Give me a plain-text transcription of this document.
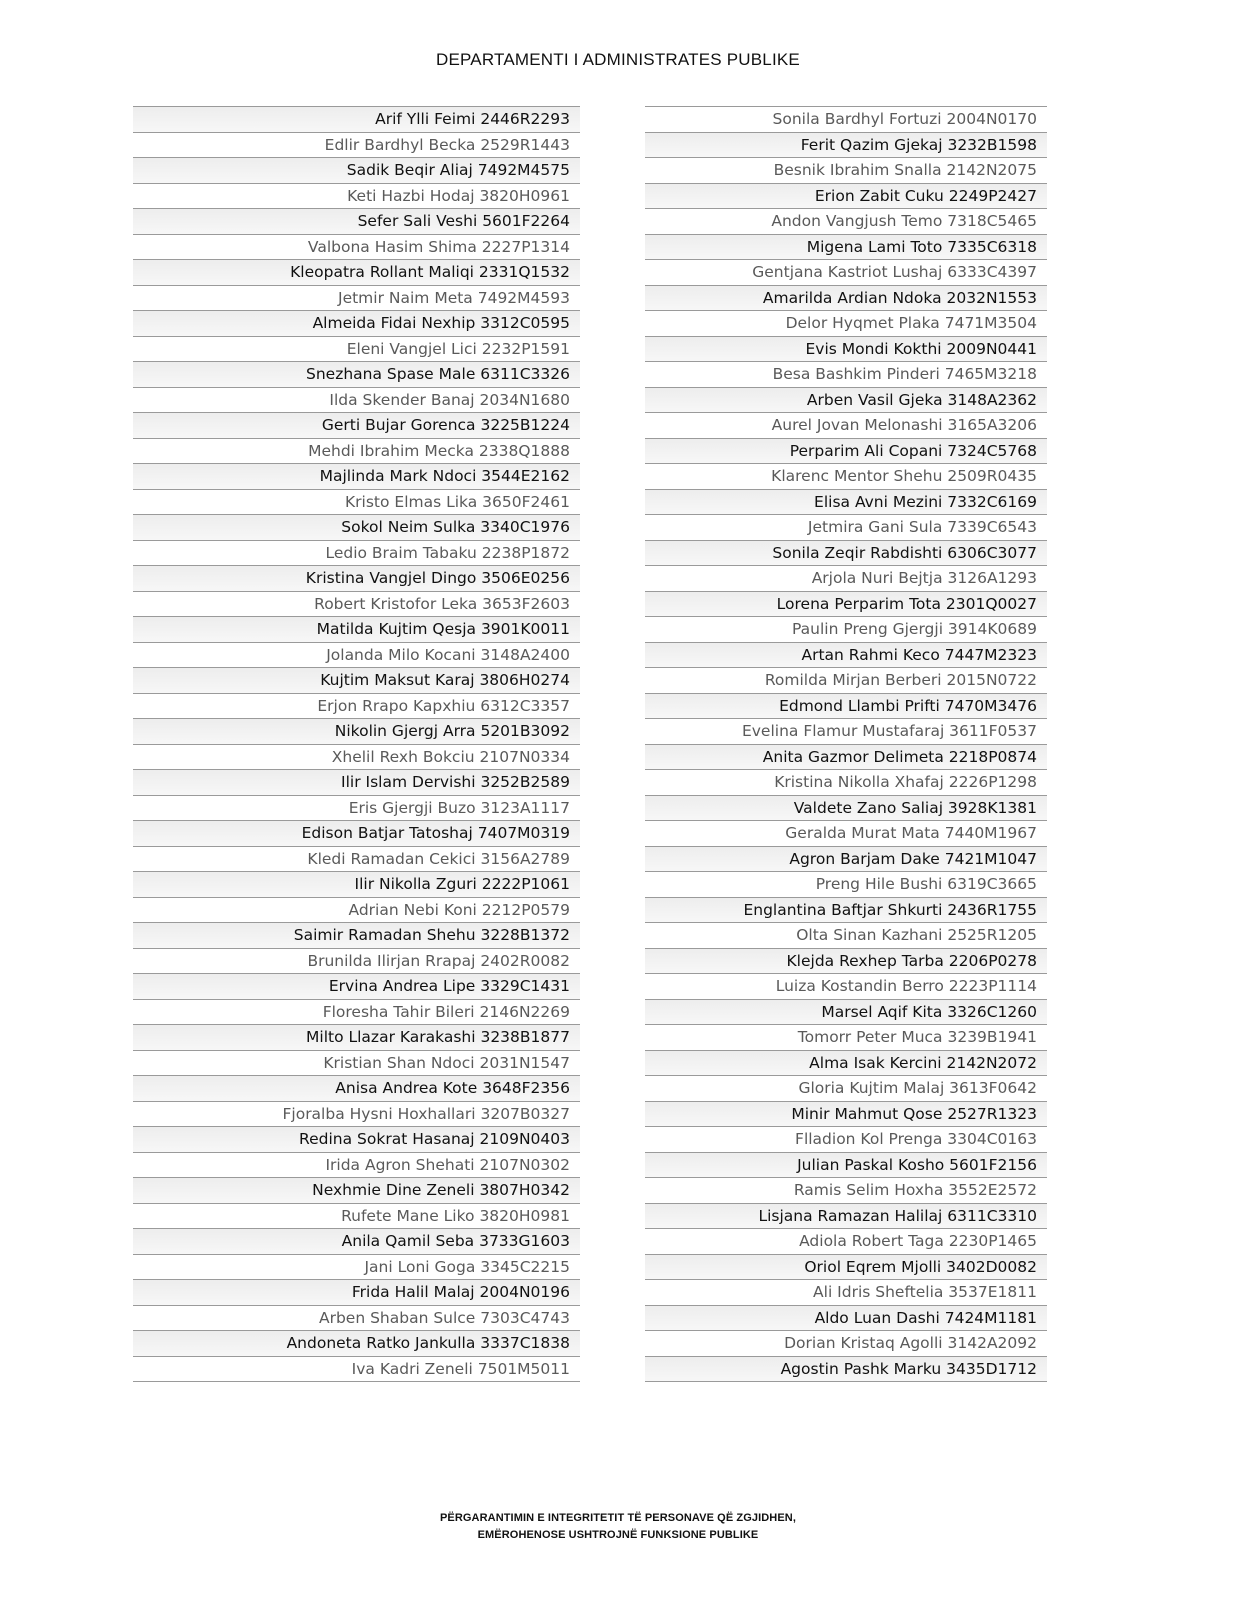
DEPARTAMENTI I ADMINISTRATES PUBLIKE
Arif Ylli Feimi 2446R2293
Edlir Bardhyl Becka 2529R1443
Sadik Beqir Aliaj 7492M4575
Keti Hazbi Hodaj 3820H0961
Sefer Sali Veshi 5601F2264
Valbona Hasim Shima 2227P1314
Kleopatra Rollant Maliqi 2331Q1532
Jetmir Naim Meta 7492M4593
Almeida Fidai Nexhip 3312C0595
Eleni Vangjel Lici 2232P1591
Snezhana Spase Male 6311C3326
Ilda Skender Banaj 2034N1680
Gerti Bujar Gorenca 3225B1224
Mehdi Ibrahim Mecka 2338Q1888
Majlinda Mark Ndoci 3544E2162
Kristo Elmas Lika 3650F2461
Sokol Neim Sulka 3340C1976
Ledio Braim Tabaku 2238P1872
Kristina Vangjel Dingo 3506E0256
Robert Kristofor Leka 3653F2603
Matilda Kujtim Qesja 3901K0011
Jolanda Milo Kocani 3148A2400
Kujtim Maksut Karaj 3806H0274
Erjon Rrapo Kapxhiu 6312C3357
Nikolin Gjergj Arra 5201B3092
Xhelil Rexh Bokciu 2107N0334
Ilir Islam Dervishi 3252B2589
Eris Gjergji Buzo 3123A1117
Edison Batjar Tatoshaj 7407M0319
Kledi Ramadan Cekici 3156A2789
Ilir Nikolla Zguri 2222P1061
Adrian Nebi Koni 2212P0579
Saimir Ramadan Shehu 3228B1372
Brunilda Ilirjan Rrapaj 2402R0082
Ervina Andrea Lipe 3329C1431
Floresha Tahir Bileri 2146N2269
Milto Llazar Karakashi 3238B1877
Kristian Shan Ndoci 2031N1547
Anisa Andrea Kote 3648F2356
Fjoralba Hysni Hoxhallari 3207B0327
Redina Sokrat Hasanaj 2109N0403
Irida Agron Shehati 2107N0302
Nexhmie Dine Zeneli 3807H0342
Rufete Mane Liko 3820H0981
Anila Qamil Seba 3733G1603
Jani Loni Goga 3345C2215
Frida Halil Malaj 2004N0196
Arben Shaban Sulce 7303C4743
Andoneta Ratko Jankulla 3337C1838
Iva Kadri Zeneli 7501M5011
Sonila Bardhyl Fortuzi 2004N0170
Ferit Qazim Gjekaj 3232B1598
Besnik Ibrahim Snalla 2142N2075
Erion Zabit Cuku 2249P2427
Andon Vangjush Temo 7318C5465
Migena Lami Toto 7335C6318
Gentjana Kastriot Lushaj 6333C4397
Amarilda Ardian Ndoka 2032N1553
Delor Hyqmet Plaka 7471M3504
Evis Mondi Kokthi 2009N0441
Besa Bashkim Pinderi 7465M3218
Arben Vasil Gjeka 3148A2362
Aurel Jovan Melonashi 3165A3206
Perparim Ali Copani 7324C5768
Klarenc Mentor Shehu 2509R0435
Elisa Avni Mezini 7332C6169
Jetmira Gani Sula 7339C6543
Sonila Zeqir Rabdishti 6306C3077
Arjola Nuri Bejtja 3126A1293
Lorena Perparim Tota 2301Q0027
Paulin Preng Gjergji 3914K0689
Artan Rahmi Keco 7447M2323
Romilda Mirjan Berberi 2015N0722
Edmond Llambi Prifti 7470M3476
Evelina Flamur Mustafaraj 3611F0537
Anita Gazmor Delimeta 2218P0874
Kristina Nikolla Xhafaj 2226P1298
Valdete Zano Saliaj 3928K1381
Geralda Murat Mata 7440M1967
Agron Barjam Dake 7421M1047
Preng Hile Bushi 6319C3665
Englantina Baftjar Shkurti 2436R1755
Olta Sinan Kazhani 2525R1205
Klejda Rexhep Tarba 2206P0278
Luiza Kostandin Berro 2223P1114
Marsel Aqif Kita 3326C1260
Tomorr Peter Muca 3239B1941
Alma Isak Kercini 2142N2072
Gloria Kujtim Malaj 3613F0642
Minir Mahmut Qose 2527R1323
Flladion Kol Prenga 3304C0163
Julian Paskal Kosho 5601F2156
Ramis Selim Hoxha 3552E2572
Lisjana Ramazan Halilaj 6311C3310
Adiola Robert Taga 2230P1465
Oriol Eqrem Mjolli 3402D0082
Ali Idris Sheftelia 3537E1811
Aldo Luan Dashi 7424M1181
Dorian Kristaq Agolli 3142A2092
Agostin Pashk Marku 3435D1712
PËRGARANTIMIN E INTEGRITETIT TË PERSONAVE QË ZGJIDHEN,
EMËROHENOSE USHTROJNË FUNKSIONE PUBLIKE
